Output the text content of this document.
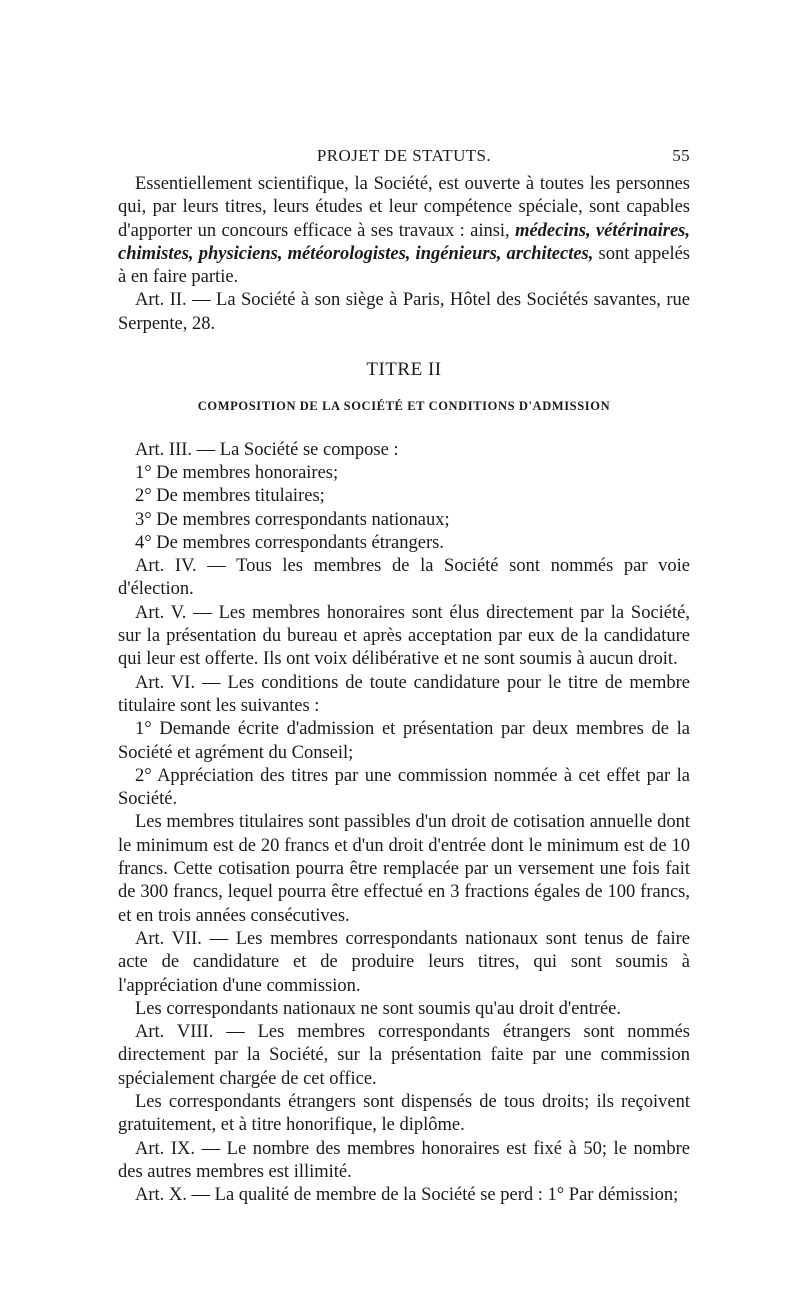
PROJET DE STATUTS.	55

Essentiellement scientifique, la Société, est ouverte à toutes les personnes qui, par leurs titres, leurs études et leur compétence spéciale, sont capables d'apporter un concours efficace à ses travaux : ainsi, médecins, vétérinaires, chimistes, physiciens, météorologistes, ingénieurs, architectes, sont appelés à en faire partie.

Art. II. — La Société à son siège à Paris, Hôtel des Sociétés savantes, rue Serpente, 28.

TITRE II
COMPOSITION DE LA SOCIÉTÉ ET CONDITIONS D'ADMISSION

Art. III. — La Société se compose :

1° De membres honoraires;

2° De membres titulaires;

3° De membres correspondants nationaux;

4° De membres correspondants étrangers.

Art. IV. — Tous les membres de la Société sont nommés par voie d'élection.

Art. V. — Les membres honoraires sont élus directement par la Société, sur la présentation du bureau et après acceptation par eux de la candidature qui leur est offerte. Ils ont voix délibérative et ne sont soumis à aucun droit.

Art. VI. — Les conditions de toute candidature pour le titre de membre titulaire sont les suivantes :

1° Demande écrite d'admission et présentation par deux membres de la Société et agrément du Conseil;

2° Appréciation des titres par une commission nommée à cet effet par la Société.

Les membres titulaires sont passibles d'un droit de cotisation annuelle dont le minimum est de 20 francs et d'un droit d'entrée dont le minimum est de 10 francs. Cette cotisation pourra être remplacée par un versement une fois fait de 300 francs, lequel pourra être effectué en 3 fractions égales de 100 francs, et en trois années consécutives.

Art. VII. — Les membres correspondants nationaux sont tenus de faire acte de candidature et de produire leurs titres, qui sont soumis à l'appréciation d'une commission.

Les correspondants nationaux ne sont soumis qu'au droit d'entrée.

Art. VIII. — Les membres correspondants étrangers sont nommés directement par la Société, sur la présentation faite par une commission spécialement chargée de cet office.

Les correspondants étrangers sont dispensés de tous droits; ils reçoivent gratuitement, et à titre honorifique, le diplôme.

Art. IX. — Le nombre des membres honoraires est fixé à 50; le nombre des autres membres est illimité.

Art. X. — La qualité de membre de la Société se perd : 1° Par démission;
